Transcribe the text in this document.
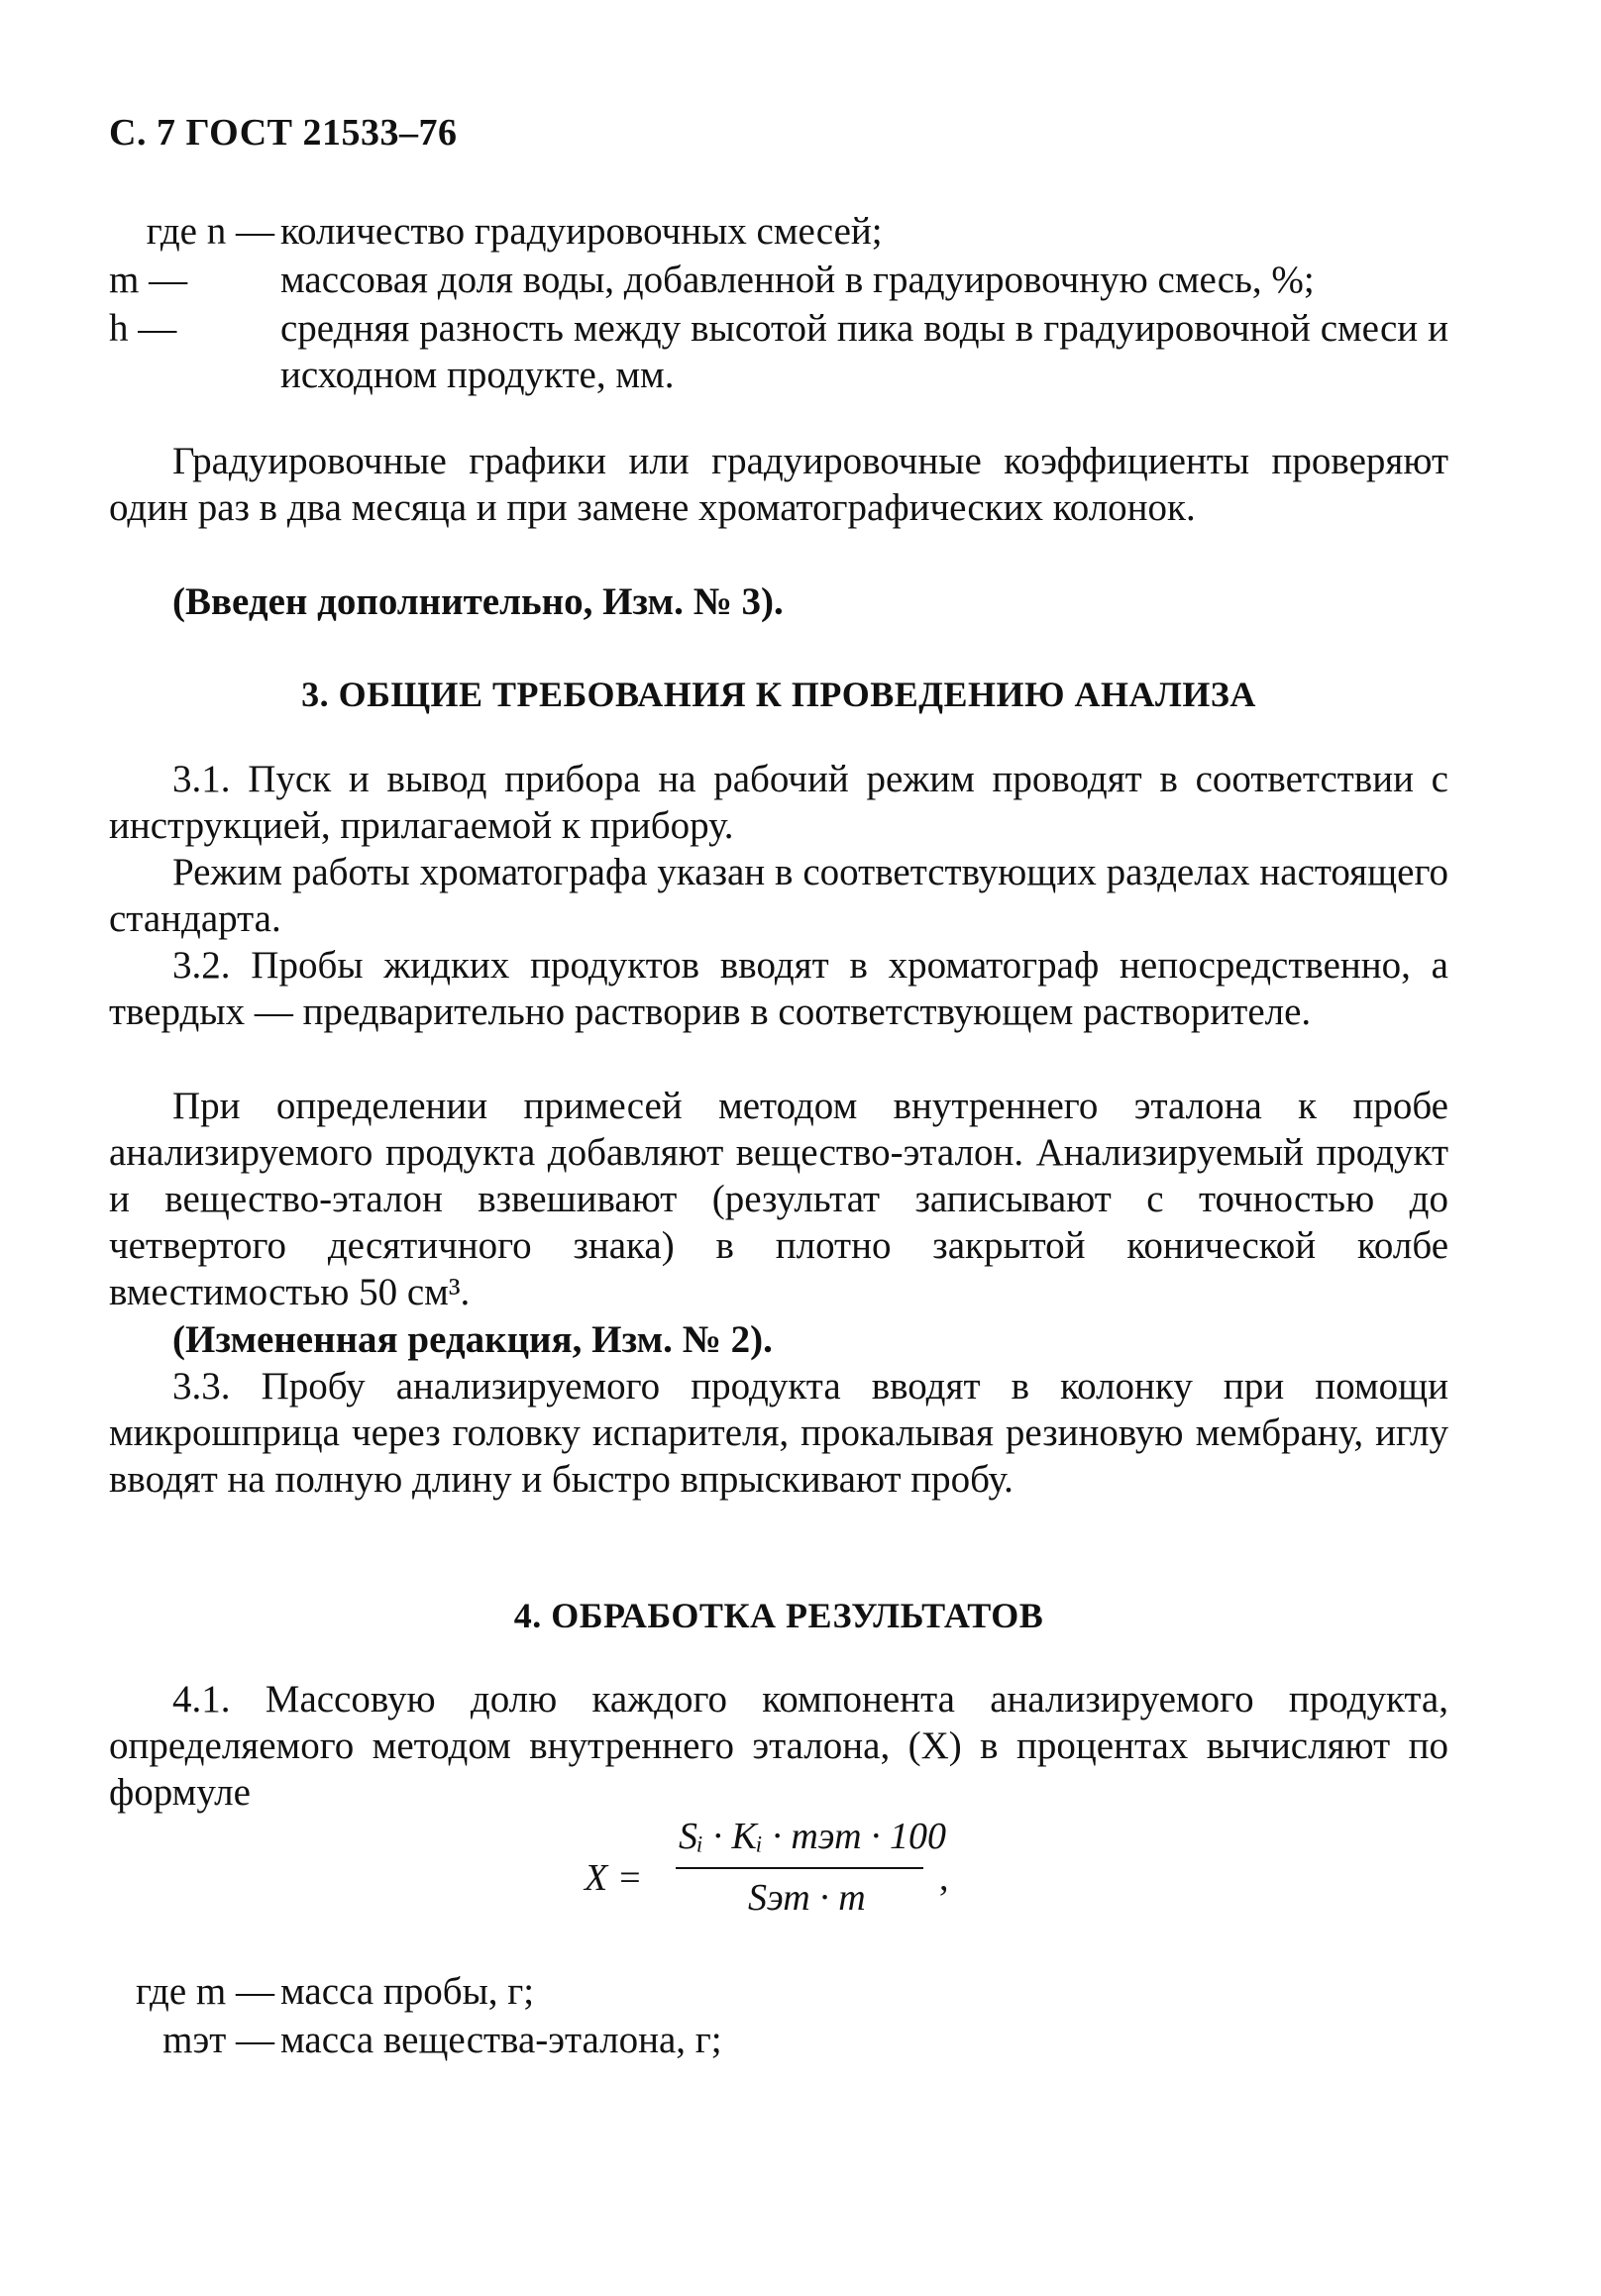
С. 7 ГОСТ 21533–76
где n — количество градуировочных смесей;
m —	массовая доля воды, добавленной в градуировочную смесь, %;
h —	средняя разность между высотой пика воды в градуировочной смеси и исходном продукте, мм.
Градуировочные графики или градуировочные коэффициенты проверяют один раз в два месяца и при замене хроматографических колонок.
(Введен дополнительно, Изм. № 3).
3. ОБЩИЕ ТРЕБОВАНИЯ К ПРОВЕДЕНИЮ АНАЛИЗА
3.1. Пуск и вывод прибора на рабочий режим проводят в соответствии с инструкцией, прилагаемой к прибору.
Режим работы хроматографа указан в соответствующих разделах настоящего стандарта.
3.2. Пробы жидких продуктов вводят в хроматограф непосредственно, а твердых — предварительно растворив в соответствующем растворителе.
При определении примесей методом внутреннего эталона к пробе анализируемого продукта добавляют вещество-эталон. Анализируемый продукт и вещество-эталон взвешивают (результат записывают с точностью до четвертого десятичного знака) в плотно закрытой конической колбе вместимостью 50 см³.
(Измененная редакция, Изм. № 2).
3.3. Пробу анализируемого продукта вводят в колонку при помощи микрошприца через головку испарителя, прокалывая резиновую мембрану, иглу вводят на полную длину и быстро впрыскивают пробу.
4. ОБРАБОТКА РЕЗУЛЬТАТОВ
4.1. Массовую долю каждого компонента анализируемого продукта, определяемого методом внутреннего эталона, (X) в процентах вычисляют по формуле
X =
Sᵢ · Kᵢ · mэт · 100
Sэт · m ,
где m — масса пробы, г;
mэт — масса вещества-эталона, г;
